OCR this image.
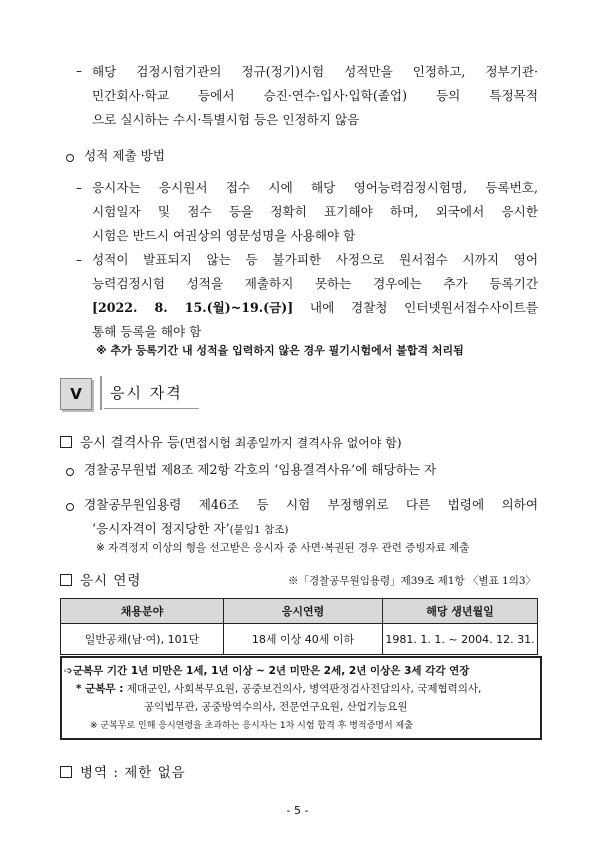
– 해당 검정시험기관의 정규(정기)시험 성적만을 인정하고, 정부기관·
민간회사·학교 등에서 승진·연수·입사·입학(졸업) 등의 특정목적
으로 실시하는 수시·특별시험 등은 인정하지 않음
성적 제출 방법
– 응시자는 응시원서 접수 시에 해당 영어능력검정시험명, 등록번호,
시험일자 및 점수 등을 정확히 표기해야 하며, 외국에서 응시한
시험은 반드시 여권상의 영문성명을 사용해야 함
– 성적이 발표되지 않는 등 불가피한 사정으로 원서접수 시까지 영어
능력검정시험 성적을 제출하지 못하는 경우에는 추가 등록기간
[2022. 8. 15.(월)~19.(금)] 내에 경찰청 인터넷원서접수사이트를
통해 등록을 해야 함
※ 추가 등록기간 내 성적을 입력하지 않은 경우 필기시험에서 불합격 처리됨
Ⅴ	응시 자격
응시 결격사유 등(면접시험 최종일까지 결격사유 없어야 함)
경찰공무원법 제8조 제2항 각호의 ‘임용결격사유’에 해당하는 자
경찰공무원임용령 제46조 등 시험 부정행위로 다른 법령에 의하여
‘응시자격이 정지당한 자’(붙임1 참조)
※ 자격정지 이상의 형을 선고받은 응시자 중 사면·복권된 경우 관련 증빙자료 제출
응시 연령	※「경찰공무원임용령」제39조 제1항 〈별표 1의3〉
채용분야	응시연령	해당 생년월일
일반공채(남·여), 101단	18세 이상 40세 이하	1981. 1. 1. ~ 2004. 12. 31.
➩군복무 기간 1년 미만은 1세, 1년 이상 ~ 2년 미만은 2세, 2년 이상은 3세 각각 연장
* 군복무 : 제대군인, 사회복무요원, 공중보건의사, 병역판정검사전담의사, 국제협력의사,
공익법무관, 공중방역수의사, 전문연구요원, 산업기능요원
※ 군복무로 인해 응시연령을 초과하는 응시자는 1차 시험 합격 후 병적증명서 제출
병역 : 제한 없음
- 5 -
